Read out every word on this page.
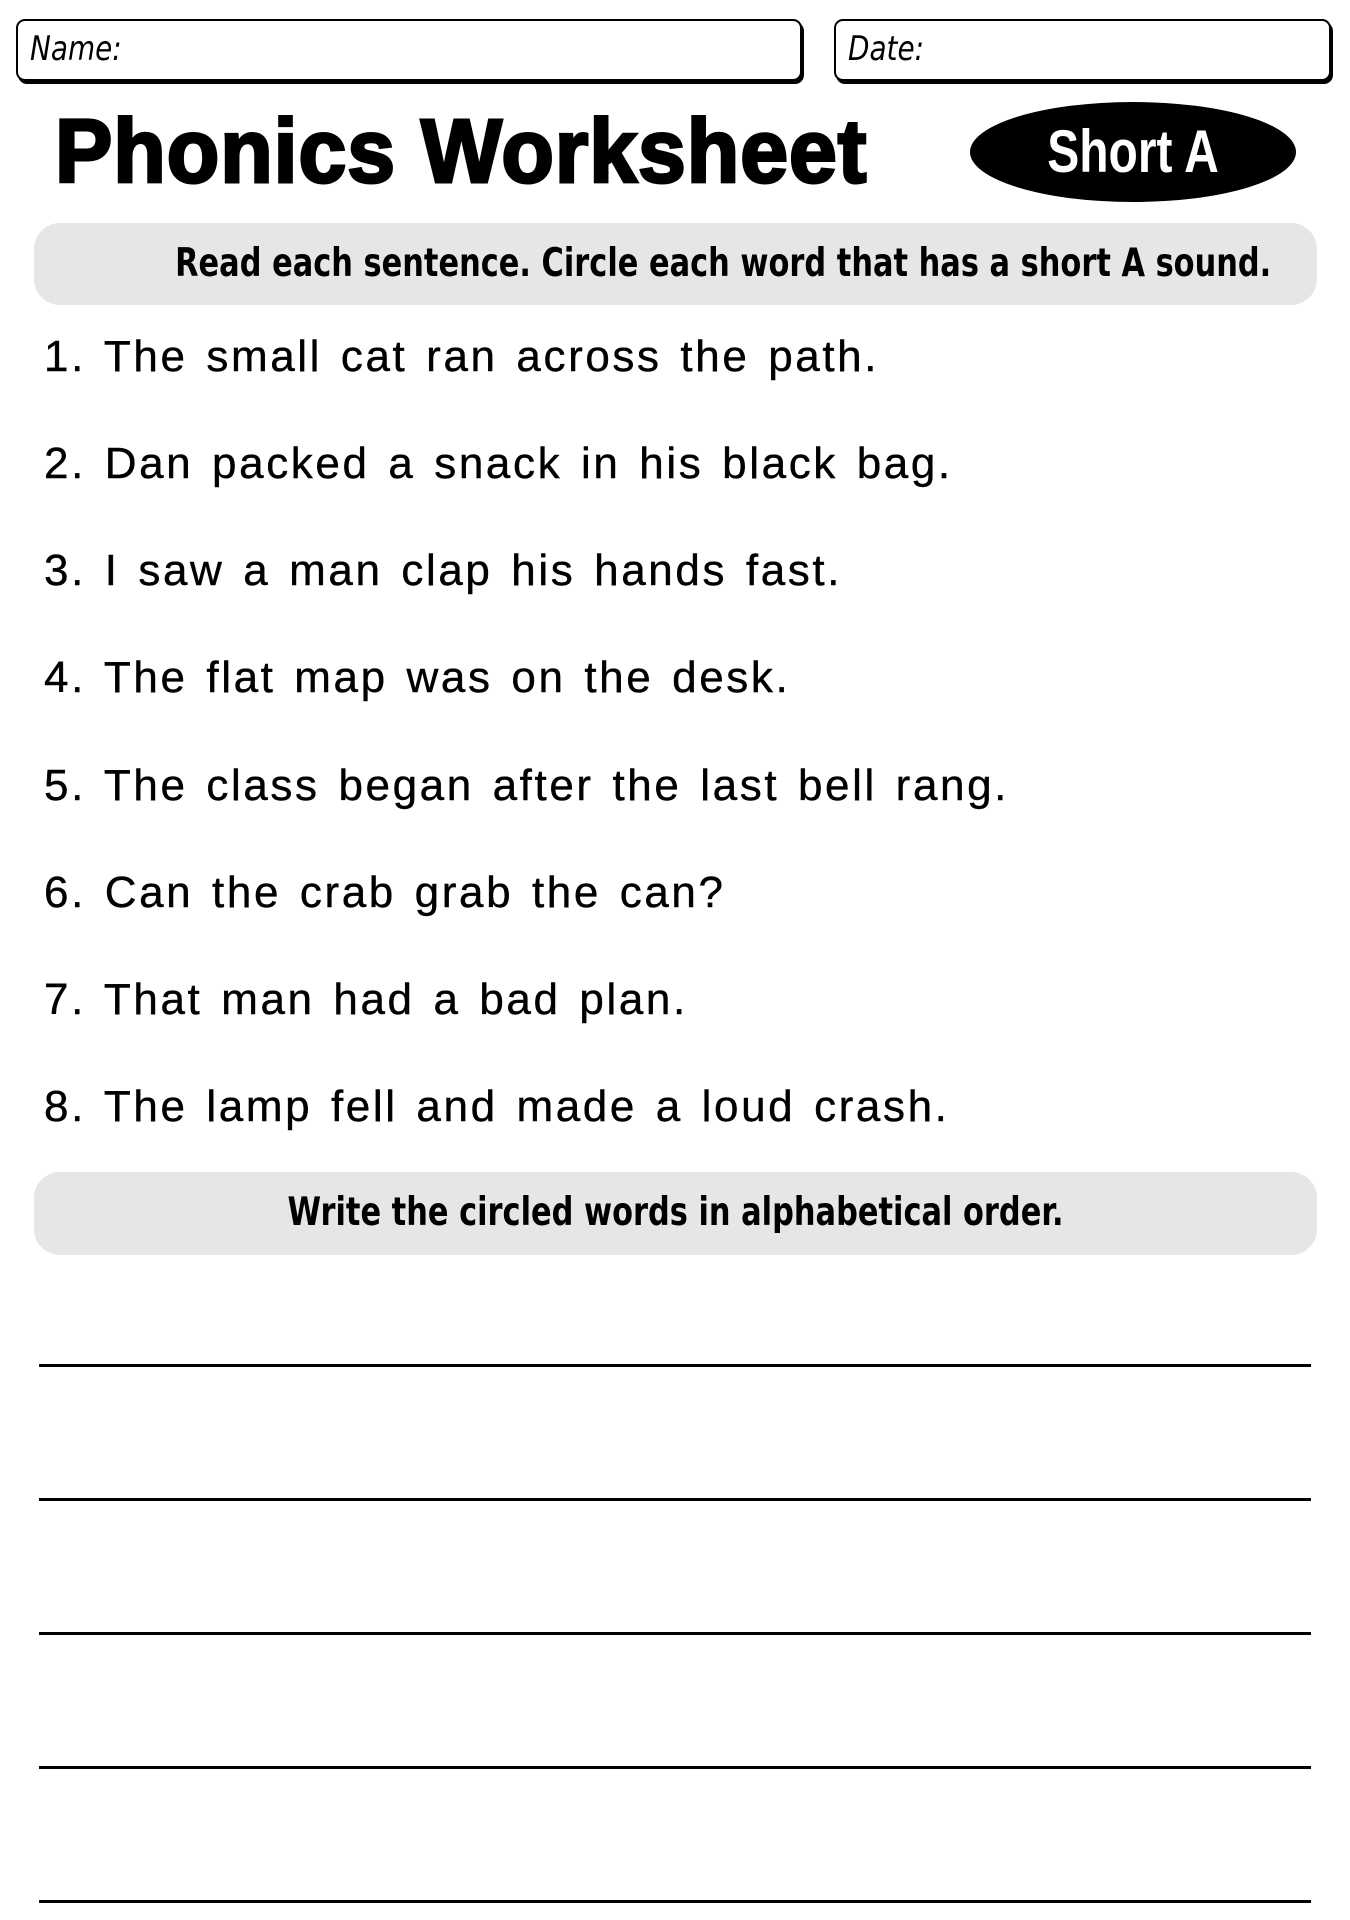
Name:	Date:
Phonics Worksheet	Short A
Read each sentence. Circle each word that has a short A sound.
1. The small cat ran across the path.
2. Dan packed a snack in his black bag.
3. I saw a man clap his hands fast.
4. The flat map was on the desk.
5. The class began after the last bell rang.
6. Can the crab grab the can?
7. That man had a bad plan.
8. The lamp fell and made a loud crash.
Write the circled words in alphabetical order.
